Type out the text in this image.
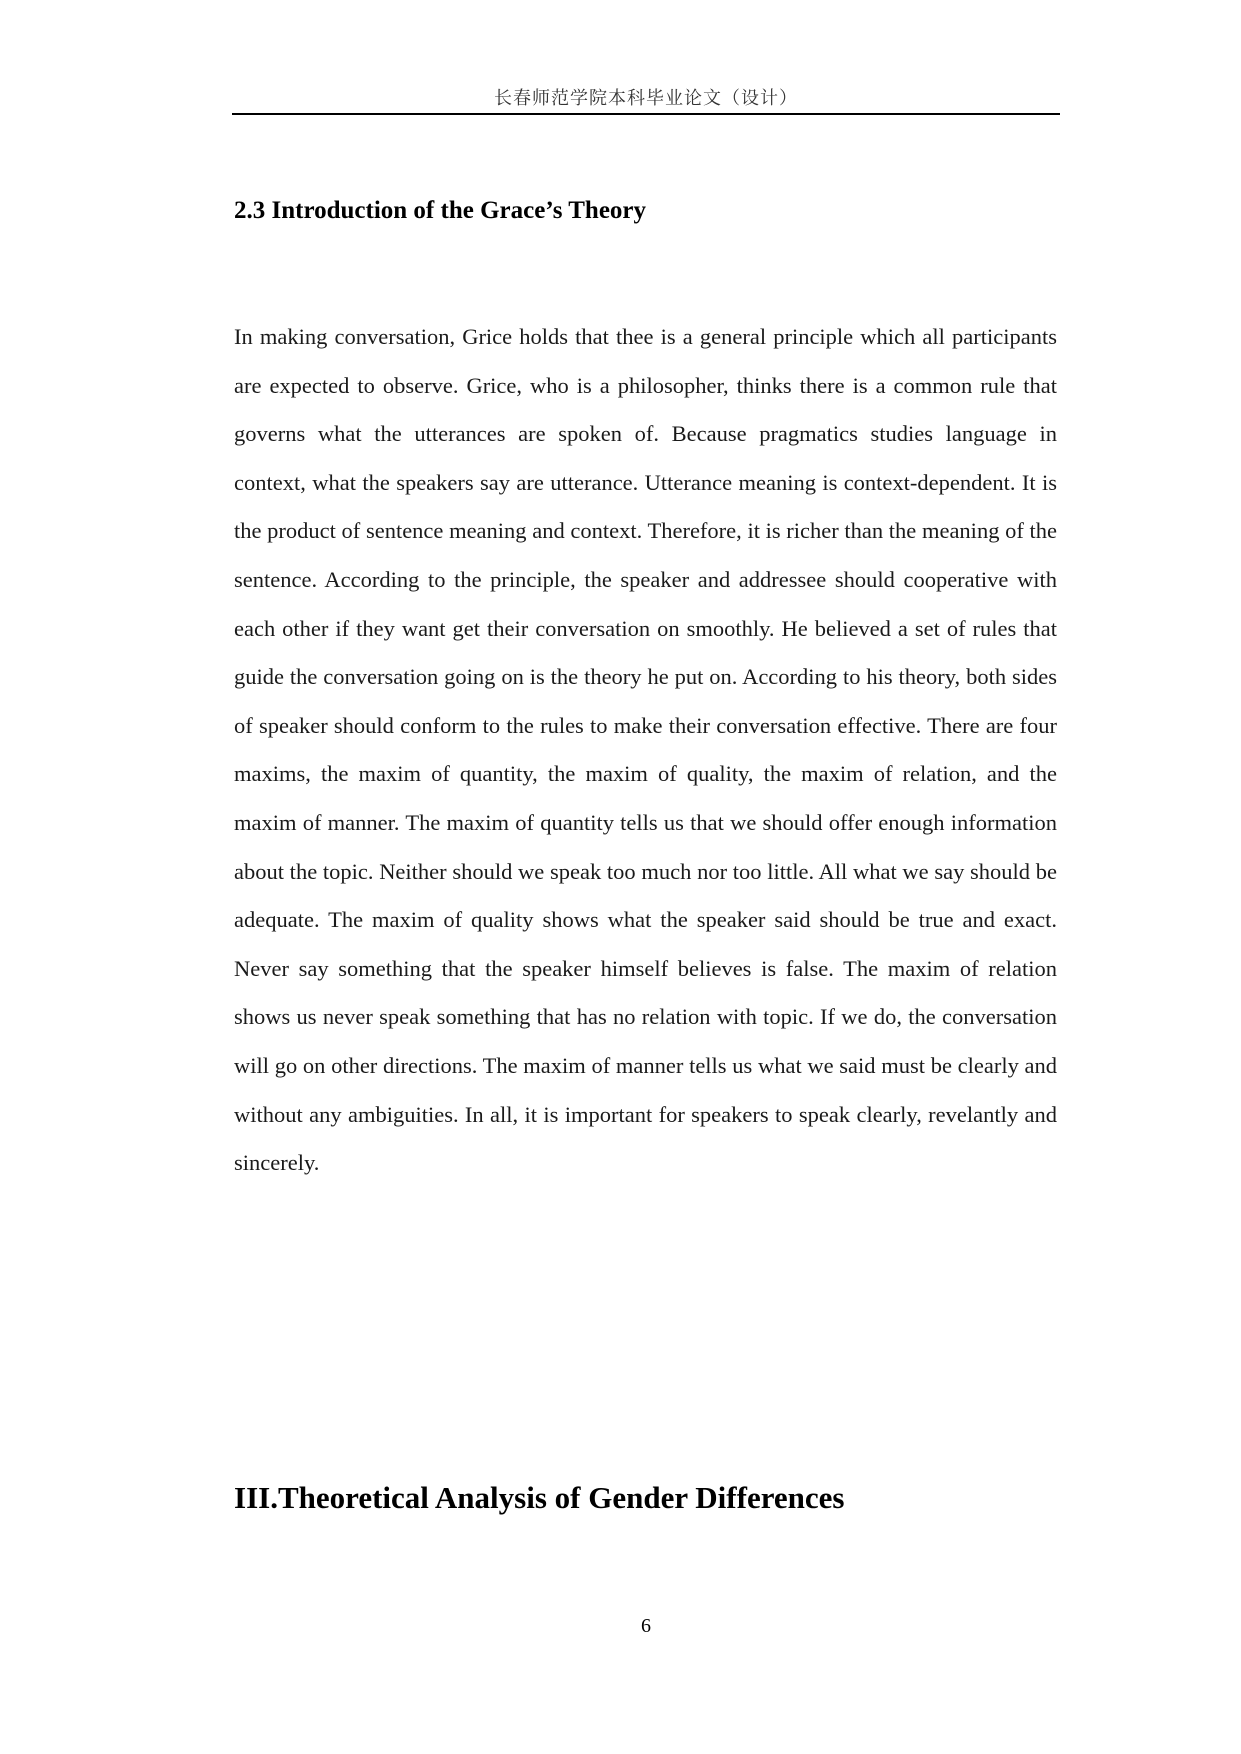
长春师范学院本科毕业论文（设计）
2.3 Introduction of the Grace’s Theory

In making conversation, Grice holds that thee is a general principle which all participants are expected to observe. Grice, who is a philosopher, thinks there is a common rule that governs what the utterances are spoken of. Because pragmatics studies language in context, what the speakers say are utterance. Utterance meaning is context-dependent. It is the product of sentence meaning and context. Therefore, it is richer than the meaning of the sentence. According to the principle, the speaker and addressee should cooperative with each other if they want get their conversation on smoothly. He believed a set of rules that guide the conversation going on is the theory he put on. According to his theory, both sides of speaker should conform to the rules to make their conversation effective. There are four maxims, the maxim of quantity, the maxim of quality, the maxim of relation, and the maxim of manner. The maxim of quantity tells us that we should offer enough information about the topic. Neither should we speak too much nor too little. All what we say should be adequate. The maxim of quality shows what the speaker said should be true and exact. Never say something that the speaker himself believes is false. The maxim of relation shows us never speak something that has no relation with topic. If we do, the conversation will go on other directions. The maxim of manner tells us what we said must be clearly and without any ambiguities. In all, it is important for speakers to speak clearly, revelantly and sincerely.

III.Theoretical Analysis of Gender Differences
6
